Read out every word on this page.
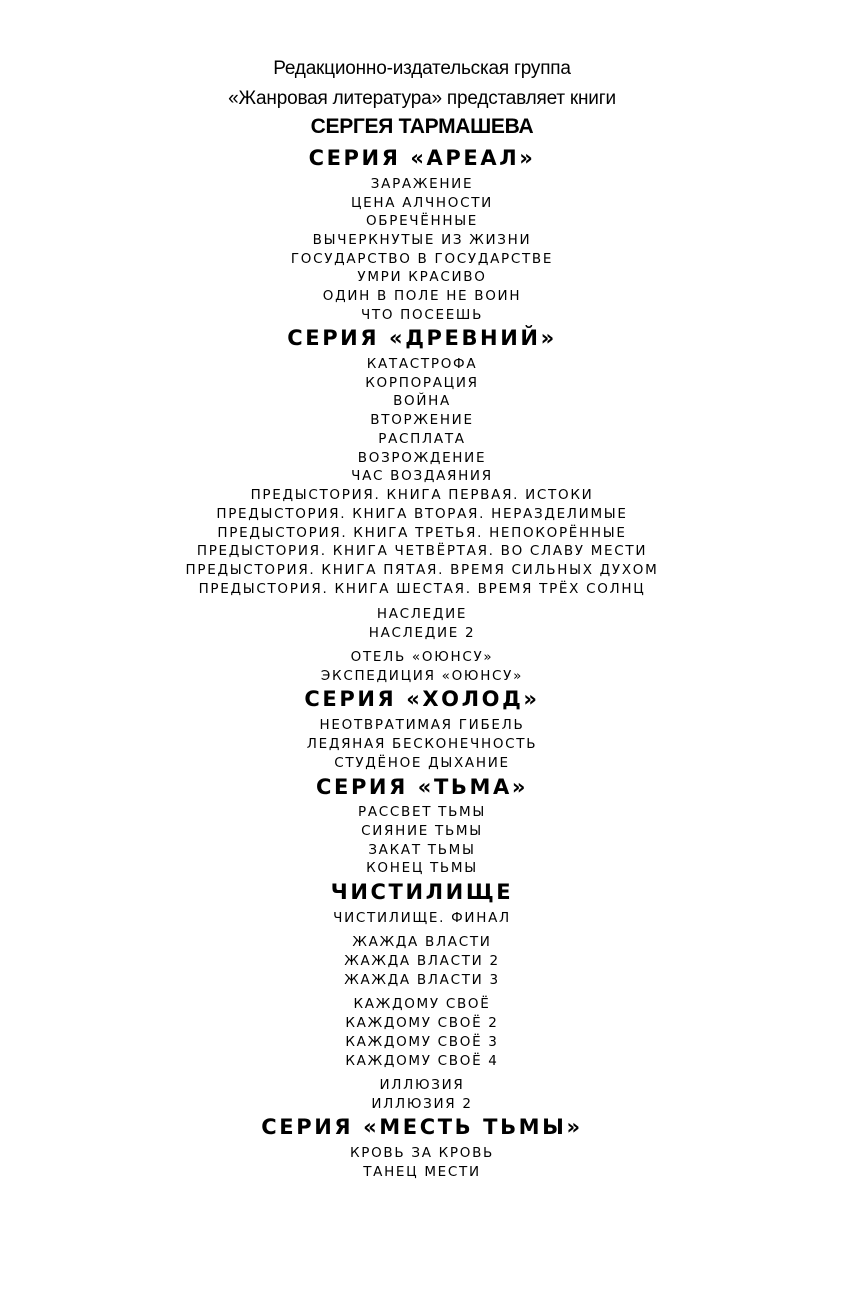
Редакционно-издательская группа

«Жанровая литература» представляет книги

СЕРГЕЯ ТАРМАШЕВА

СЕРИЯ «АРЕАЛ»

ЗАРАЖЕНИЕ

ЦЕНА АЛЧНОСТИ

ОБРЕЧЁННЫЕ

ВЫЧЕРКНУТЫЕ ИЗ ЖИЗНИ

ГОСУДАРСТВО В ГОСУДАРСТВЕ

УМРИ КРАСИВО

ОДИН В ПОЛЕ НЕ ВОИН

ЧТО ПОСЕЕШЬ

СЕРИЯ «ДРЕВНИЙ»

КАТАСТРОФА

КОРПОРАЦИЯ

ВОЙНА

ВТОРЖЕНИЕ

РАСПЛАТА

ВОЗРОЖДЕНИЕ

ЧАС ВОЗДАЯНИЯ

ПРЕДЫСТОРИЯ. КНИГА ПЕРВАЯ. ИСТОКИ

ПРЕДЫСТОРИЯ. КНИГА ВТОРАЯ. НЕРАЗДЕЛИМЫЕ

ПРЕДЫСТОРИЯ. КНИГА ТРЕТЬЯ. НЕПОКОРЁННЫЕ

ПРЕДЫСТОРИЯ. КНИГА ЧЕТВЁРТАЯ. ВО СЛАВУ МЕСТИ

ПРЕДЫСТОРИЯ. КНИГА ПЯТАЯ. ВРЕМЯ СИЛЬНЫХ ДУХОМ

ПРЕДЫСТОРИЯ. КНИГА ШЕСТАЯ. ВРЕМЯ ТРЁХ СОЛНЦ

НАСЛЕДИЕ

НАСЛЕДИЕ 2

ОТЕЛЬ «ОЮНСУ»

ЭКСПЕДИЦИЯ «ОЮНСУ»

СЕРИЯ «ХОЛОД»

НЕОТВРАТИМАЯ ГИБЕЛЬ

ЛЕДЯНАЯ БЕСКОНЕЧНОСТЬ

СТУДЁНОЕ ДЫХАНИЕ

СЕРИЯ «ТЬМА»

РАССВЕТ ТЬМЫ

СИЯНИЕ ТЬМЫ

ЗАКАТ ТЬМЫ

КОНЕЦ ТЬМЫ

ЧИСТИЛИЩЕ

ЧИСТИЛИЩЕ. ФИНАЛ

ЖАЖДА ВЛАСТИ

ЖАЖДА ВЛАСТИ 2

ЖАЖДА ВЛАСТИ 3

КАЖДОМУ СВОЁ

КАЖДОМУ СВОЁ 2

КАЖДОМУ СВОЁ 3

КАЖДОМУ СВОЁ 4

ИЛЛЮЗИЯ

ИЛЛЮЗИЯ 2

СЕРИЯ «МЕСТЬ ТЬМЫ»

КРОВЬ ЗА КРОВЬ

ТАНЕЦ МЕСТИ
